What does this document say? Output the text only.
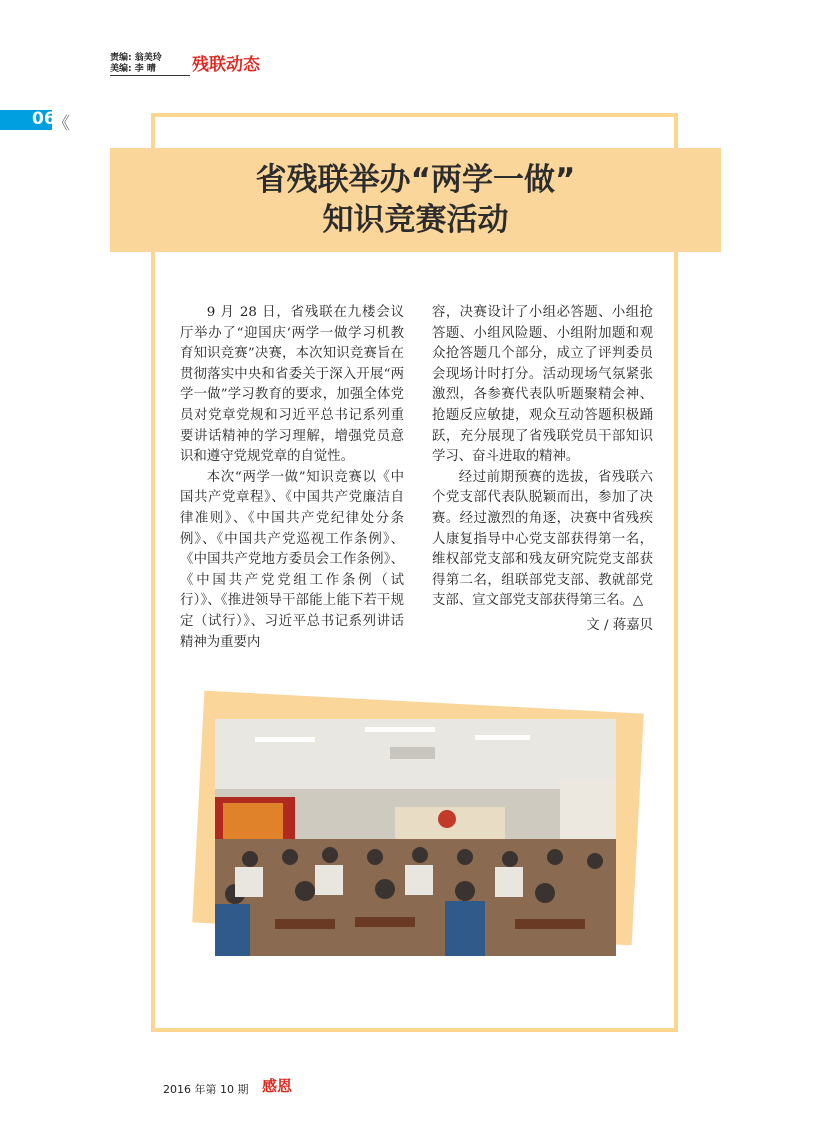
责编: 翁美玲
美编: 李 晴	残联动态
06
《
省残联举办“两学一做”
知识竞赛活动

9 月 28 日，省残联在九楼会议厅举办了“迎国庆‘两学一做学习机教育知识竞赛”决赛，本次知识竞赛旨在贯彻落实中央和省委关于深入开展“两学一做”学习教育的要求，加强全体党员对党章党规和习近平总书记系列重要讲话精神的学习理解，增强党员意识和遵守党规党章的自觉性。

本次“两学一做”知识竞赛以《中国共产党章程》、《中国共产党廉洁自律准则》、《中国共产党纪律处分条例》、《中国共产党巡视工作条例》、《中国共产党地方委员会工作条例》、《中国共产党党组工作条例（试行）》、《推进领导干部能上能下若干规定（试行）》、习近平总书记系列讲话精神为重要内

容，决赛设计了小组必答题、小组抢答题、小组风险题、小组附加题和观众抢答题几个部分，成立了评判委员会现场计时打分。活动现场气氛紧张激烈，各参赛代表队听题聚精会神、抢题反应敏捷，观众互动答题积极踊跃，充分展现了省残联党员干部知识学习、奋斗进取的精神。

经过前期预赛的选拔，省残联六个党支部代表队脱颖而出，参加了决赛。经过激烈的角逐，决赛中省残疾人康复指导中心党支部获得第一名，维权部党支部和残友研究院党支部获得第二名，组联部党支部、教就部党支部、宣文部党支部获得第三名。△

文 / 蒋嘉贝

2016 年第 10 期 感恩
